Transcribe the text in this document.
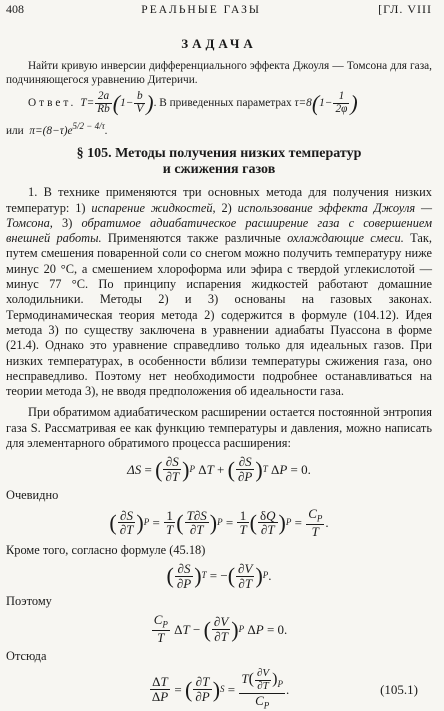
408	РЕАЛЬНЫЕ ГАЗЫ	[ГЛ. VIII
ЗАДАЧА

Найти кривую инверсии дифференциального эффекта Джоуля — Томсона для газа, подчиняющегося уравнению Дитеричи.

Ответ. $T= \frac{2a}{Rb} (1- \frac{b}{V}$ ) . В приведенных параметрах $\tau=8(1- \frac{1}{2\varphi}$ )
или  $\pi=(8-\tau)e^{5/2 - 4/\tau}$.
§ 105. Методы получения низких температур
и сжижения газов

1. В технике применяются три основных метода для получения низких температур: 1) испарение жидкостей, 2) использование эффекта Джоуля — Томсона, 3) обратимое адиабатическое расширение газа с совершением внешней работы. Применяются также различные охлаждающие смеси. Так, путем смешения поваренной соли со снегом можно получить температуру ниже минус 20 °С, а смешением хлороформа или эфира с твердой углекислотой — минус 77 °С. По принципу испарения жидкостей работают домашние холодильники. Методы 2) и 3) основаны на газовых законах. Термодинамическая теория метода 2) содержится в формуле (104.12). Идея метода 3) по существу заключена в уравнении адиабаты Пуассона в форме (21.4). Однако это уравнение справедливо только для идеальных газов. При низких температурах, в особенности вблизи температуры сжижения газа, оно несправедливо. Поэтому нет необходимости подробнее останавливаться на теории метода 3), не вводя предположения об идеальности газа.

При обратимом адиабатическом расширении остается постоянной энтропия газа S. Рассматривая ее как функцию температуры и давления, можно написать для элементарного обратимого процесса расширения:

ΔS = ( $\frac{\partial S}{\partial T}$ ) P Δ T + ( $\frac{\partial S}{\partial P}$ ) T Δ P = 0.

Очевидно

( $\frac{\partial S}{\partial T}$ ) $P = \frac{1}{T}$ ( $\frac{T\partial S}{\partial T}$ ) $P = \frac{1}{T}$ ( $\frac{\delta Q}{\partial T}$ ) $P = \frac{C_P}{T}$ .

Кроме того, согласно формуле (45.18)

( $\frac{\partial S}{\partial P}$ ) T = − ( $\frac{\partial V}{\partial T}$ ) P .

Поэтому

$\frac{C_P}{T}$ Δ T − ( $\frac{\partial V}{\partial T}$ ) P Δ P = 0.

Отсюда

$\frac{\Delta T}{\Delta P}$ = ( $\frac{\partial T}{\partial P}$ ) $S = \frac{T( \frac{\partial V}{\partial T} )_P}{C_P}$ .	(105.1)
